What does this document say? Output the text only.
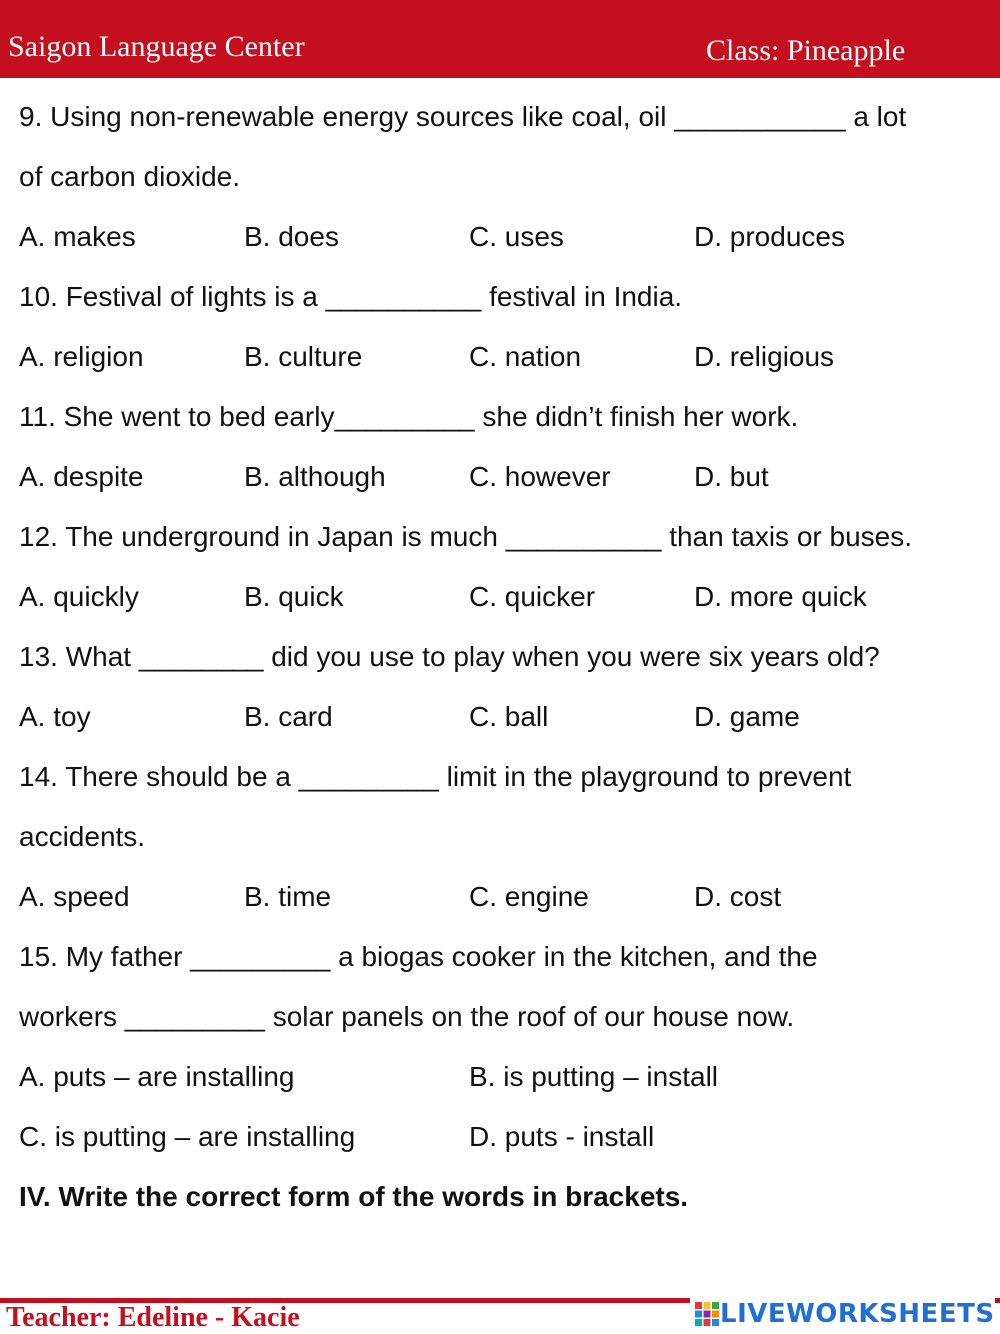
Saigon Language Center	Class: Pineapple
9. Using non-renewable energy sources like coal, oil ___________ a lot
of carbon dioxide.
A. makes	B. does	C. uses	D. produces
10. Festival of lights is a __________ festival in India.
A. religion	B. culture	C. nation	D. religious
11. She went to bed early_________ she didn’t finish her work.
A. despite	B. although	C. however	D. but
12. The underground in Japan is much __________ than taxis or buses.
A. quickly	B. quick	C. quicker	D. more quick
13. What ________ did you use to play when you were six years old?
A. toy	B. card	C. ball	D. game
14. There should be a _________ limit in the playground to prevent
accidents.
A. speed	B. time	C. engine	D. cost
15. My father _________ a biogas cooker in the kitchen, and the
workers _________ solar panels on the roof of our house now.
A. puts – are installing	B. is putting – install
C. is putting – are installing	D. puts - install
IV. Write the correct form of the words in brackets.
Teacher: Edeline - Kacie	LIVEWORKSHEETS
